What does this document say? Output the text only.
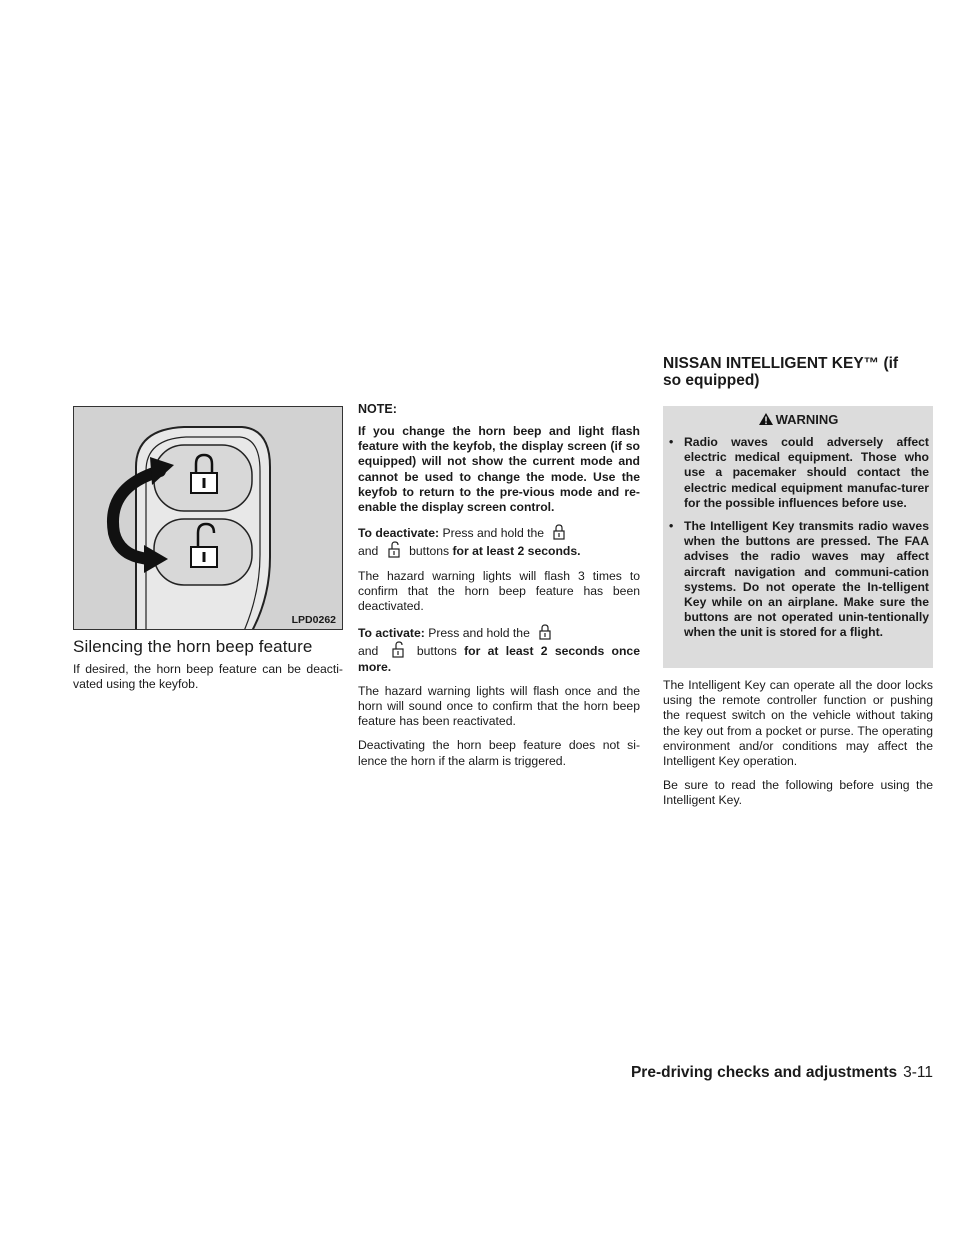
LPD0262
Silencing the horn beep feature

If desired, the horn beep feature can be deacti-vated using the keyfob.

NOTE:

If you change the horn beep and light flash feature with the keyfob, the display screen (if so equipped) will not show the current mode and cannot be used to change the mode. Use the keyfob to return to the pre-vious mode and re-enable the display screen control.

To deactivate: Press and hold the
and	buttons for at least 2 seconds.

The hazard warning lights will flash 3 times to confirm that the horn beep feature has been deactivated.

To activate: Press and hold the
and	buttons for at least 2 seconds once more.

The hazard warning lights will flash once and the horn will sound once to confirm that the horn beep feature has been reactivated.

Deactivating the horn beep feature does not si-lence the horn if the alarm is triggered.

NISSAN INTELLIGENT KEY™ (if so equipped)
WARNING
• Radio waves could adversely affect electric medical equipment. Those who use a pacemaker should contact the electric medical equipment manufac-turer for the possible influences before use.
• The Intelligent Key transmits radio waves when the buttons are pressed. The FAA advises the radio waves may affect aircraft navigation and communi-cation systems. Do not operate the In-telligent Key while on an airplane. Make sure the buttons are not operated unin-tentionally when the unit is stored for a flight.

The Intelligent Key can operate all the door locks using the remote controller function or pushing the request switch on the vehicle without taking the key out from a pocket or purse. The operating environment and/or conditions may affect the Intelligent Key operation.

Be sure to read the following before using the Intelligent Key.

Pre-driving checks and adjustments 3-11
